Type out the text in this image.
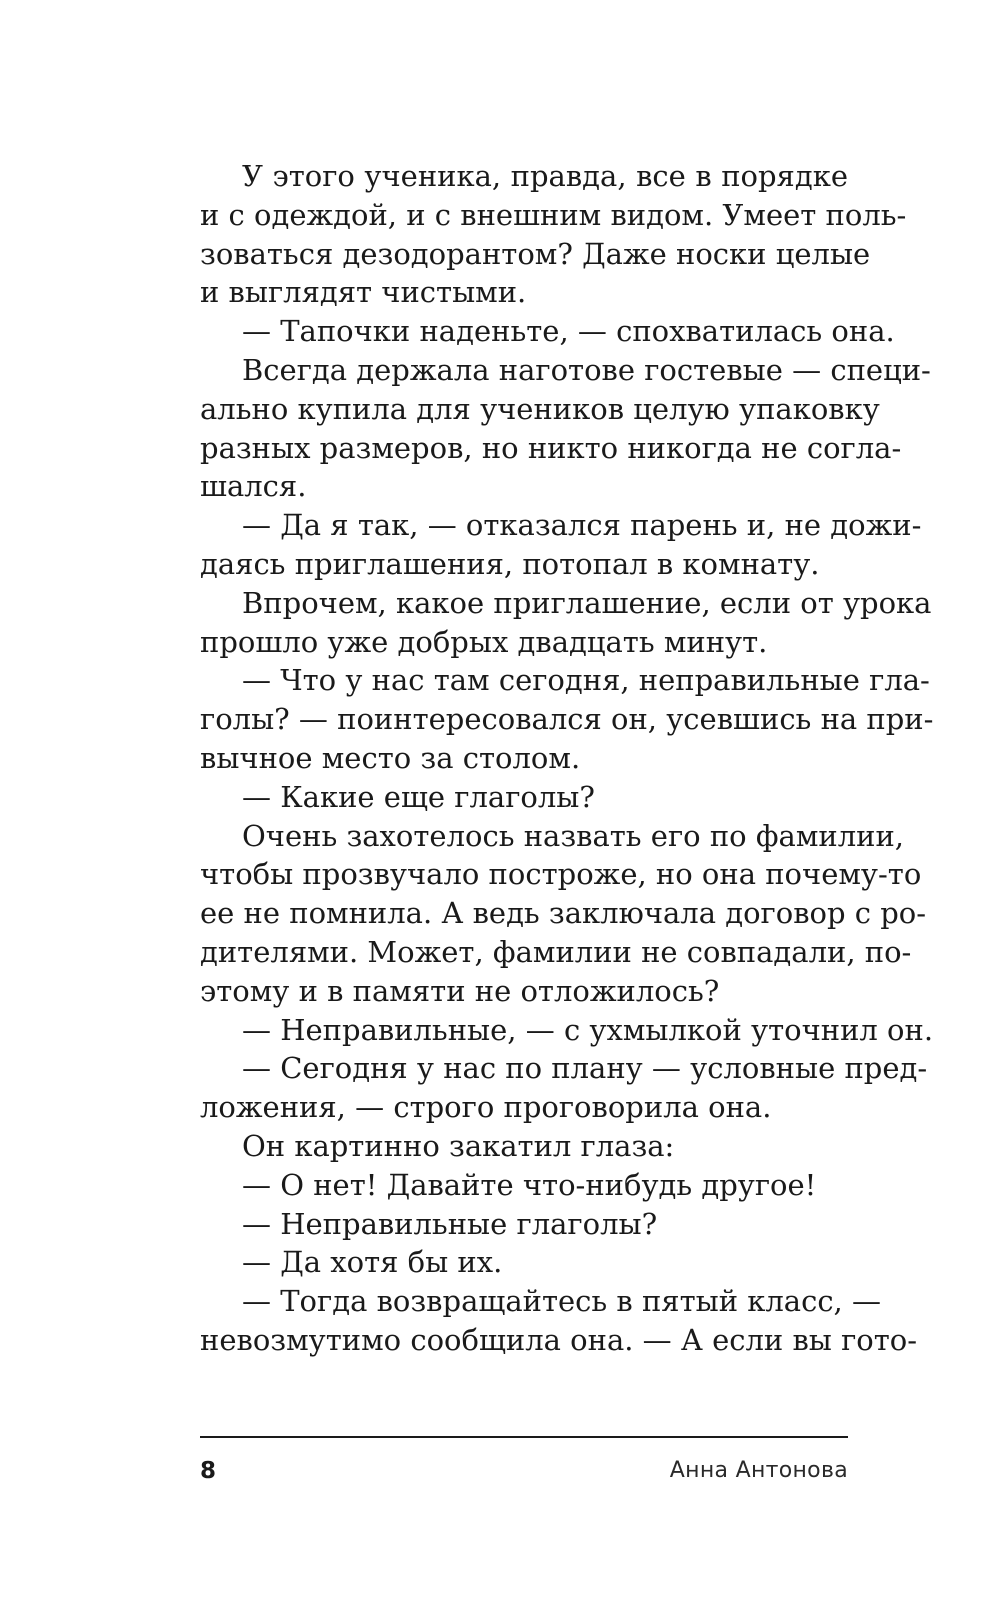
У этого ученика, правда, все в порядке
и с одеждой, и с внешним видом. Умеет поль-
зоваться дезодорантом? Даже носки целые
и выглядят чистыми.
— Тапочки наденьте, — спохватилась она.
Всегда держала наготове гостевые — специ-
ально купила для учеников целую упаковку
разных размеров, но никто никогда не согла-
шался.
— Да я так, — отказался парень и, не дожи-
даясь приглашения, потопал в комнату.
Впрочем, какое приглашение, если от урока
прошло уже добрых двадцать минут.
— Что у нас там сегодня, неправильные гла-
голы? — поинтересовался он, усевшись на при-
вычное место за столом.
— Какие еще глаголы?
Очень захотелось назвать его по фамилии,
чтобы прозвучало построже, но она почему-то
ее не помнила. А ведь заключала договор с ро-
дителями. Может, фамилии не совпадали, по-
этому и в памяти не отложилось?
— Неправильные, — с ухмылкой уточнил он.
— Сегодня у нас по плану — условные пред-
ложения, — строго проговорила она.
Он картинно закатил глаза:
— О нет! Давайте что-нибудь другое!
— Неправильные глаголы?
— Да хотя бы их.
— Тогда возвращайтесь в пятый класс, —
невозмутимо сообщила она. — А если вы гото-
8	Анна Антонова
